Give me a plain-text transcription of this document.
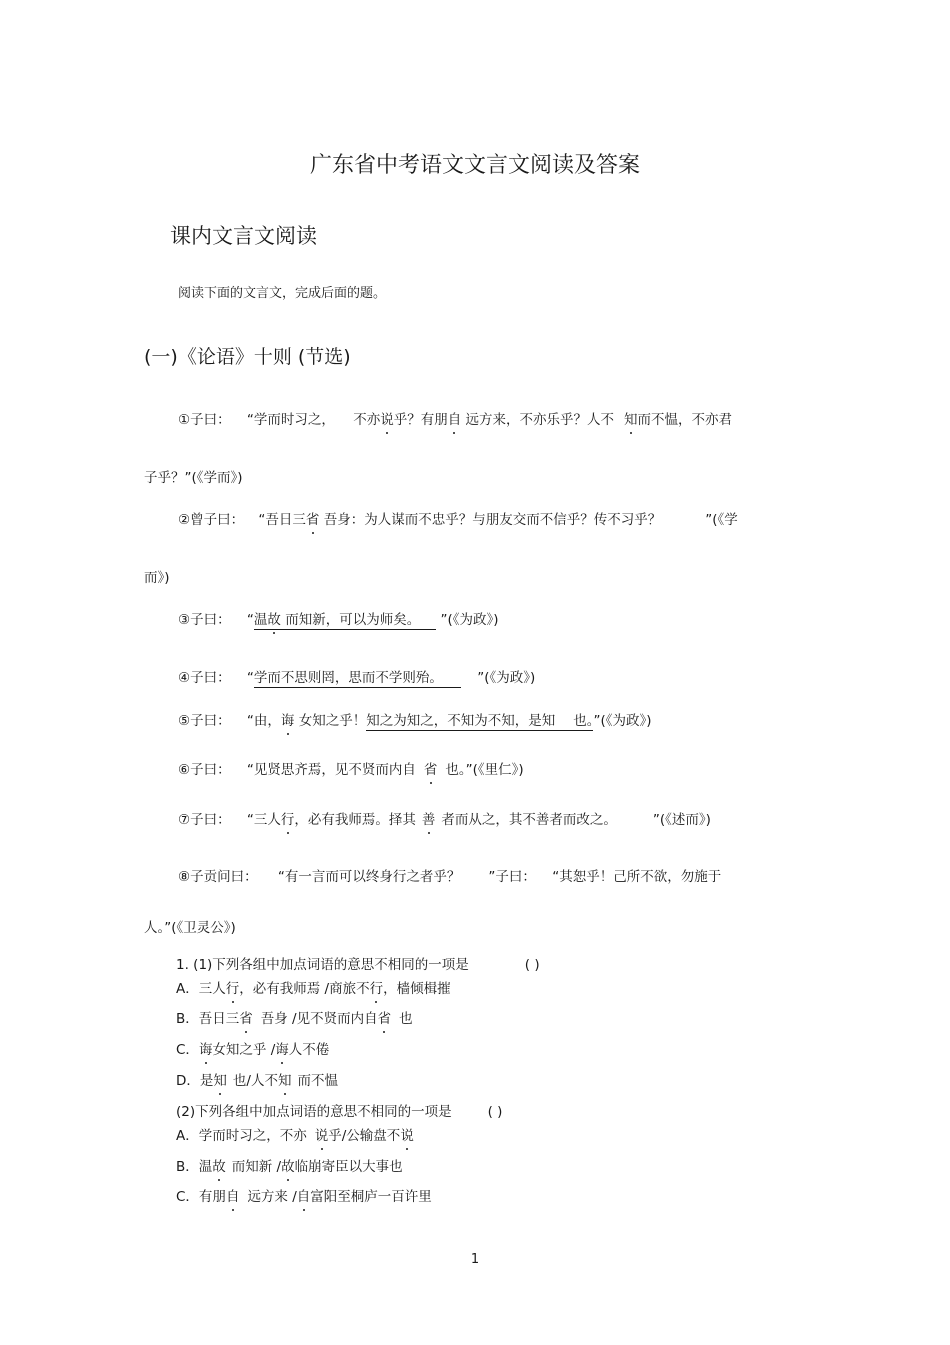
广东省中考语文文言文阅读及答案
课内文言文阅读
阅读下面的文言文，完成后面的题。
(一)《论语》十则 (节选)
①子曰： “学而时习之， 不亦说乎？有朋自 远方来，不亦乐乎？人不 知而不愠，不亦君
子乎？”(《学而》)
②曾子曰： “吾日三省 吾身：为人谋而不忠乎？与朋友交而不信乎？传不习乎？	”(《学
而》)
③子曰： “温故 而知新，可以为师矣。 ”(《为政》)
④子曰： “学而不思则罔，思而不学则殆。	”(《为政》)
⑤子曰： “由，诲 女知之乎！知之为知之，不知为不知，是知 也。”(《为政》)
⑥子曰： “见贤思齐焉，见不贤而内自 省 也。”(《里仁》)
⑦子曰： “三人行，必有我师焉。择其 善 者而从之，其不善者而改之。	”(《述而》)
⑧子贡问曰： “有一言而可以终身行之者乎？ ”子曰： “其恕乎！己所不欲，勿施于
人。”(《卫灵公》)
1. (1)下列各组中加点词语的意思不相同的一项是	( )
A．三人行，必有我师焉 /商旅不行，樯倾楫摧
B．吾日三省 吾身 /见不贤而内自省 也
C．诲女知之乎 /诲人不倦
D．是知 也/人不知 而不愠
(2)下列各组中加点词语的意思不相同的一项是	( )
A．学而时习之，不亦 说乎/公输盘不说
B．温故 而知新 /故临崩寄臣以大事也
C．有朋自 远方来 /自富阳至桐庐一百许里
1
